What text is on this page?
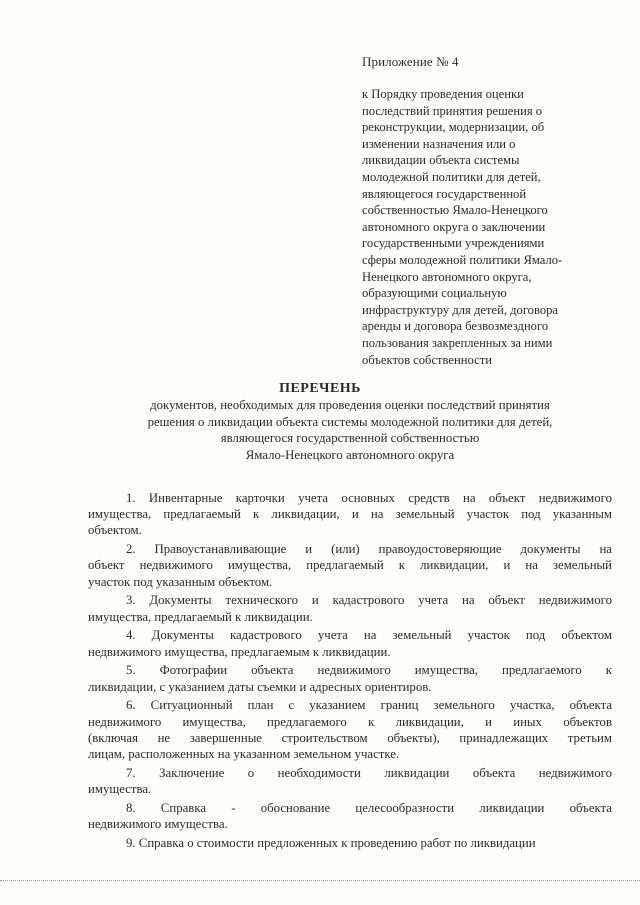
Приложение № 4
к Порядку проведения оценки
последствий принятия решения о
реконструкции, модернизации, об
изменении назначения или о
ликвидации объекта системы
молодежной политики для детей,
являющегося государственной
собственностью Ямало-Ненецкого
автономного округа о заключении
государственными учреждениями
сферы молодежной политики Ямало-
Ненецкого автономного округа,
образующими социальную
инфраструктуру для детей, договора
аренды и договора безвозмездного
пользования закрепленных за ними
объектов собственности
ПЕРЕЧЕНЬ
документов, необходимых для проведения оценки последствий принятия
решения о ликвидации объекта системы молодежной политики для детей,
являющегося государственной собственностью
Ямало-Ненецкого автономного округа
1. Инвентарные карточки учета основных средств на объект недвижимого
имущества, предлагаемый к ликвидации, и на земельный участок под указанным
объектом.
2. Правоустанавливающие и (или) правоудостоверяющие документы на
объект недвижимого имущества, предлагаемый к ликвидации, и на земельный
участок под указанным объектом.
3. Документы технического и кадастрового учета на объект недвижимого
имущества, предлагаемый к ликвидации.
4. Документы кадастрового учета на земельный участок под объектом
недвижимого имущества, предлагаемым к ликвидации.
5. Фотографии объекта недвижимого имущества, предлагаемого к
ликвидации, с указанием даты съемки и адресных ориентиров.
6. Ситуационный план с указанием границ земельного участка, объекта
недвижимого имущества, предлагаемого к ликвидации, и иных объектов
(включая не завершенные строительством объекты), принадлежащих третьим
лицам, расположенных на указанном земельном участке.
7. Заключение о необходимости ликвидации объекта недвижимого
имущества.
8. Справка - обоснование целесообразности ликвидации объекта
недвижимого имущества.
9. Справка о стоимости предложенных к проведению работ по ликвидации
